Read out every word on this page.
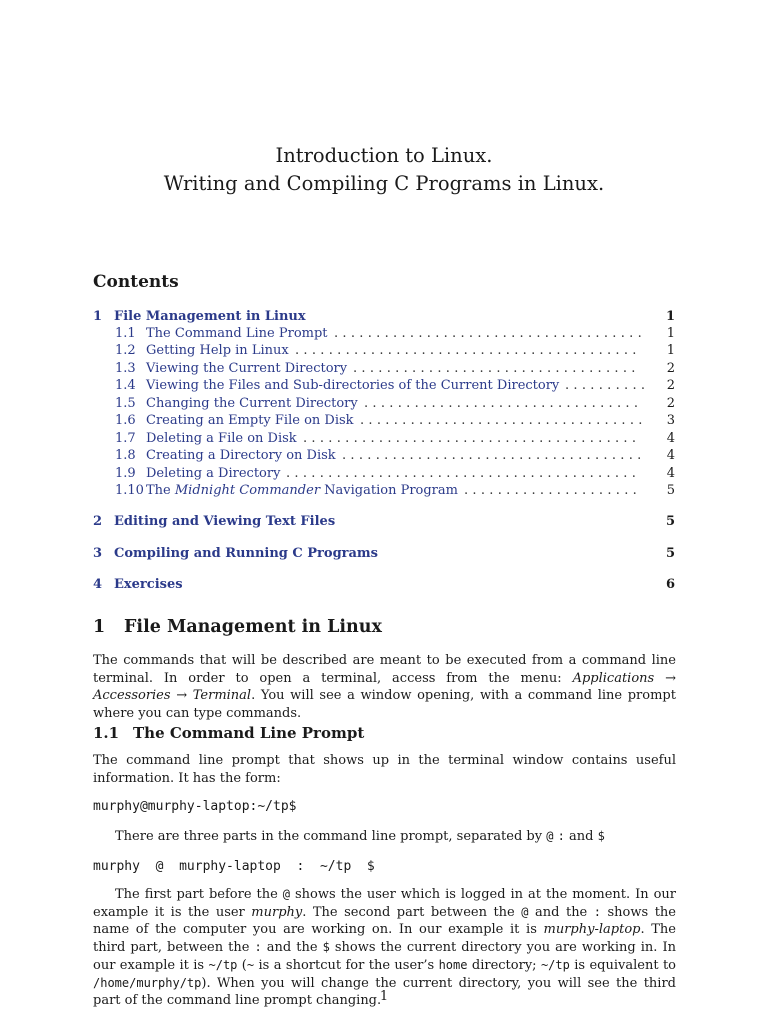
Introduction to Linux.
Writing and Compiling C Programs in Linux.
Contents
1 File Management in Linux	1
1.1 The Command Line Prompt .....................................	1
1.2 Getting Help in Linux .........................................	1
1.3 Viewing the Current Directory ..................................	2
1.4 Viewing the Files and Sub-directories of the Current Directory .......... 2
1.5 Changing the Current Directory .................................	2
1.6 Creating an Empty File on Disk ..................................	3
1.7 Deleting a File on Disk ........................................	4
1.8 Creating a Directory on Disk ....................................	4
1.9 Deleting a Directory ..........................................	4
1.10 The Midnight Commander Navigation Program .....................	5
2 Editing and Viewing Text Files	5
3 Compiling and Running C Programs	5
4 Exercises	6
1 File Management in Linux

The commands that will be described are meant to be executed from a command line terminal. In order to open a terminal, access from the menu: Applications → Accessories → Terminal. You will see a window opening, with a command line prompt where you can type commands.

1.1 The Command Line Prompt

The command line prompt that shows up in the terminal window contains useful information. It has the form:

murphy@murphy-laptop:~/tp$
There are three parts in the command line prompt, separated by @ : and $
murphy  @  murphy-laptop  :  ~/tp  $

The first part before the @ shows the user which is logged in at the moment. In our example it is the user murphy. The second part between the @ and the : shows the name of the computer you are working on. In our example it is murphy-laptop. The third part, between the : and the $ shows the current directory you are working in. In our example it is ~/tp (~ is a shortcut for the user’s home directory; ~/tp is equivalent to /home/murphy/tp). When you will change the current directory, you will see the third part of the command line prompt changing.

1
